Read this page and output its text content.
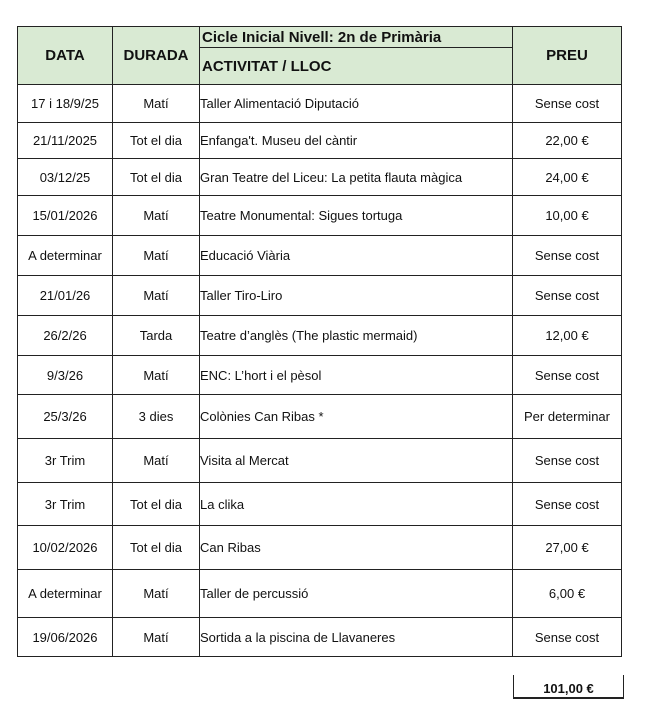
DATA	DURADA	Cicle Inicial Nivell: 2n de Primària	PREU
		ACTIVITAT / LLOC	
17 i 18/9/25	Matí	Taller Alimentació Diputació	Sense cost
21/11/2025	Tot el dia	Enfanga't. Museu del càntir	22,00 €
03/12/25	Tot el dia	Gran Teatre del Liceu: La petita flauta màgica	24,00 €
15/01/2026	Matí	Teatre Monumental: Sigues tortuga	10,00 €
A determinar	Matí	Educació Viària	Sense cost
21/01/26	Matí	Taller Tiro-Liro	Sense cost
26/2/26	Tarda	Teatre d’anglès (The plastic mermaid)	12,00 €
9/3/26	Matí	ENC: L’hort i el pèsol	Sense cost
25/3/26	3 dies	Colònies Can Ribas *	Per determinar
3r Trim	Matí	Visita al Mercat	Sense cost
3r Trim	Tot el dia	La clika	Sense cost
10/02/2026	Tot el dia	Can Ribas	27,00 €
A determinar	Matí	Taller de percussió	6,00 €
19/06/2026	Matí	Sortida a la piscina de Llavaneres	Sense cost
101,00 €
